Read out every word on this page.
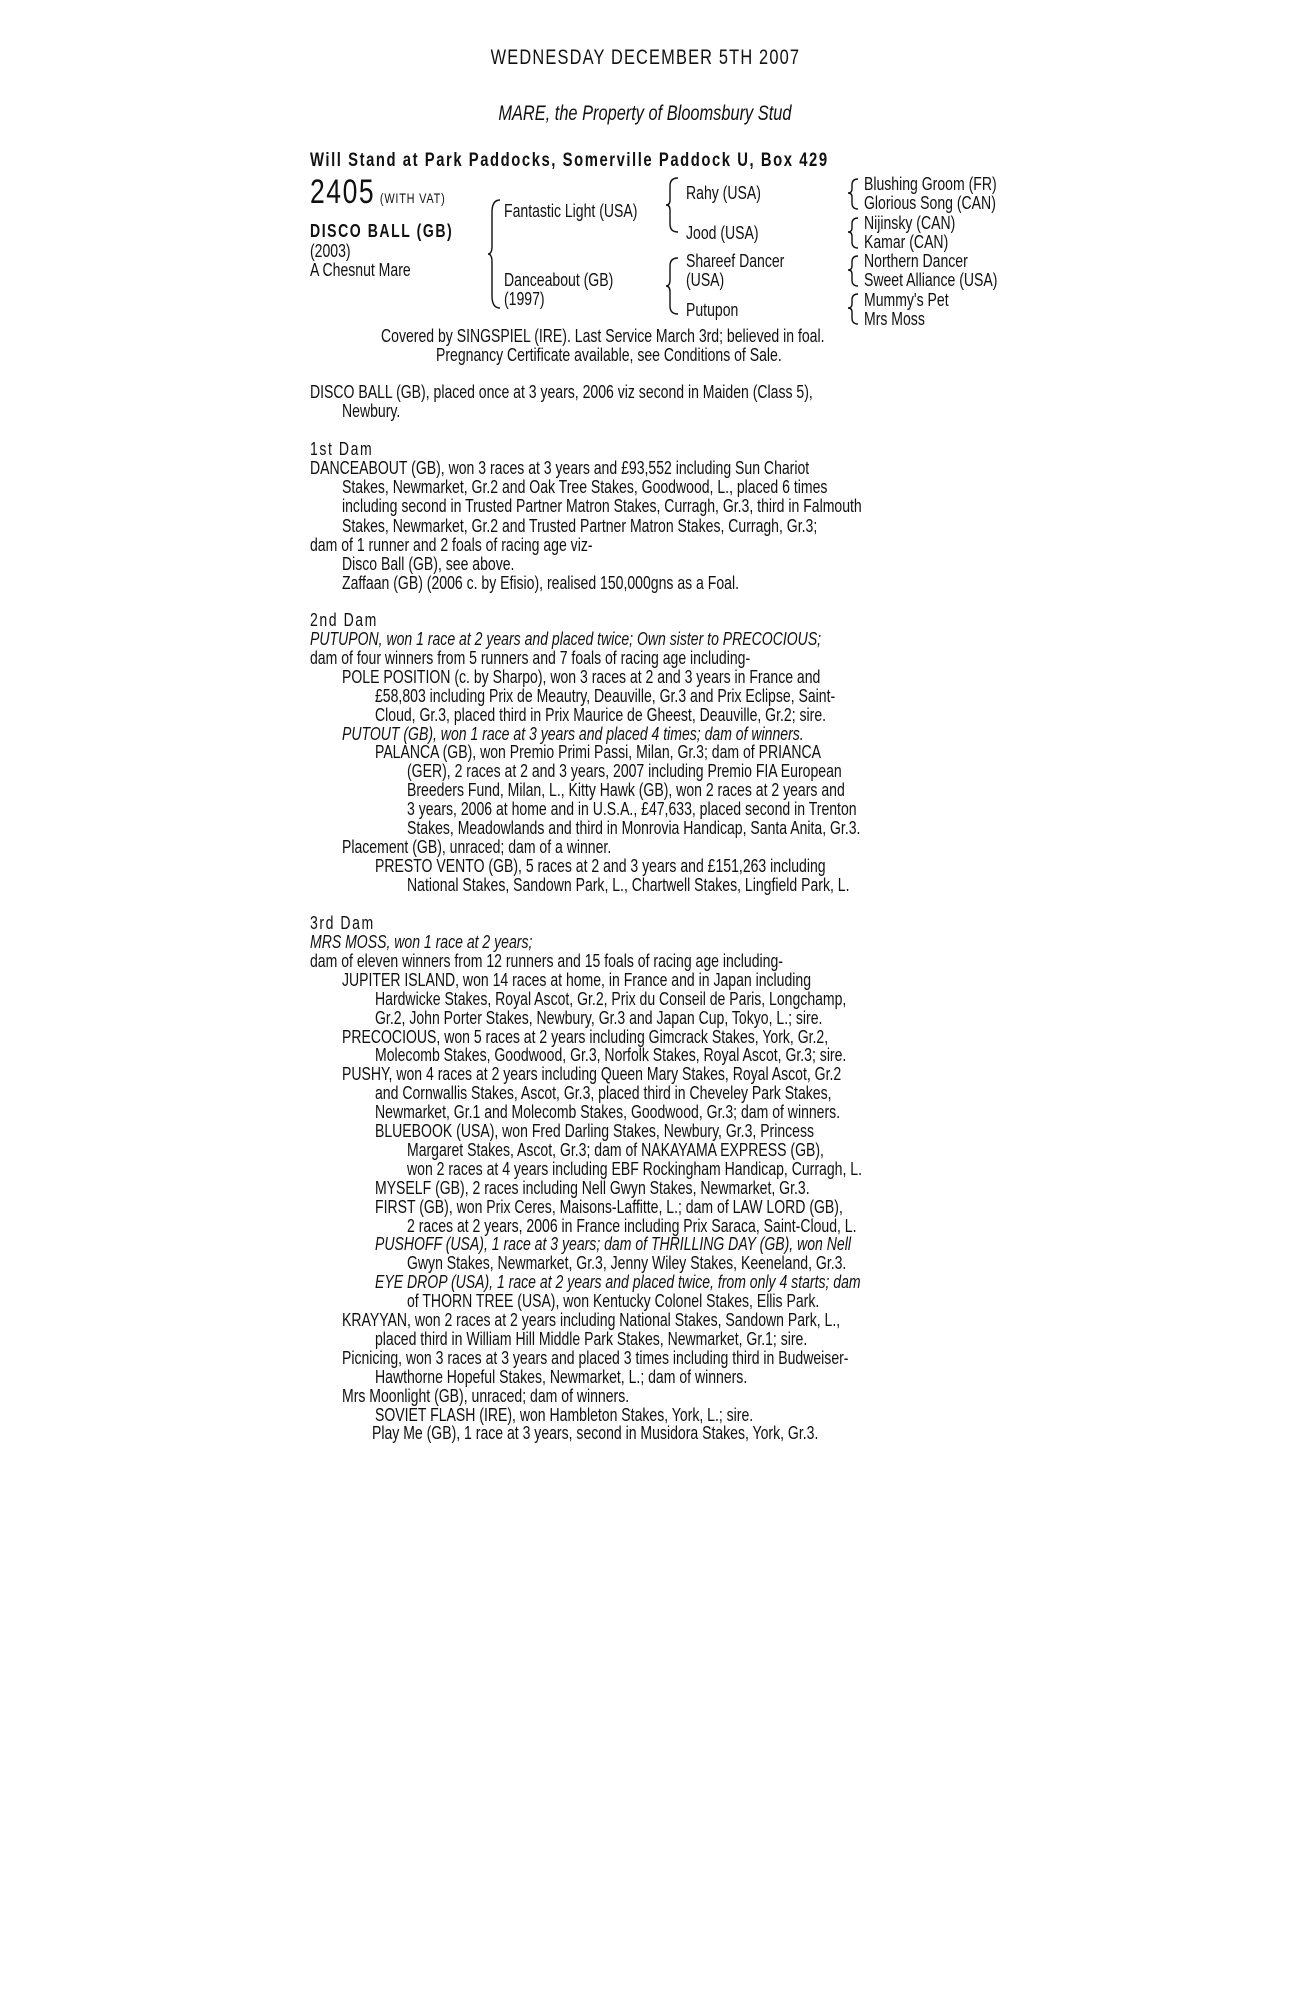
WEDNESDAY DECEMBER 5TH 2007
MARE, the Property of Bloomsbury Stud
Will Stand at Park Paddocks, Somerville Paddock U, Box 429
2405 (WITH VAT)
DISCO BALL (GB)
(2003)
A Chesnut Mare
Fantastic Light (USA)
Danceabout (GB)
(1997)
Rahy (USA)
Jood (USA)
Shareef Dancer
(USA)
Putupon
Blushing Groom (FR)
Glorious Song (CAN)
Nijinsky (CAN)
Kamar (CAN)
Northern Dancer
Sweet Alliance (USA)
Mummy's Pet
Mrs Moss
Covered by SINGSPIEL (IRE). Last Service March 3rd; believed in foal.
Pregnancy Certificate available, see Conditions of Sale.
DISCO BALL (GB), placed once at 3 years, 2006 viz second in Maiden (Class 5),
Newbury.
1st Dam
DANCEABOUT (GB), won 3 races at 3 years and £93,552 including Sun Chariot
Stakes, Newmarket, Gr.2 and Oak Tree Stakes, Goodwood, L., placed 6 times
including second in Trusted Partner Matron Stakes, Curragh, Gr.3, third in Falmouth
Stakes, Newmarket, Gr.2 and Trusted Partner Matron Stakes, Curragh, Gr.3;
dam of 1 runner and 2 foals of racing age viz-
Disco Ball (GB), see above.
Zaffaan (GB) (2006 c. by Efisio), realised 150,000gns as a Foal.
2nd Dam
PUTUPON, won 1 race at 2 years and placed twice; Own sister to PRECOCIOUS;
dam of four winners from 5 runners and 7 foals of racing age including-
POLE POSITION (c. by Sharpo), won 3 races at 2 and 3 years in France and
£58,803 including Prix de Meautry, Deauville, Gr.3 and Prix Eclipse, Saint-
Cloud, Gr.3, placed third in Prix Maurice de Gheest, Deauville, Gr.2; sire.
PUTOUT (GB), won 1 race at 3 years and placed 4 times; dam of winners.
PALANCA (GB), won Premio Primi Passi, Milan, Gr.3; dam of PRIANCA
(GER), 2 races at 2 and 3 years, 2007 including Premio FIA European
Breeders Fund, Milan, L., Kitty Hawk (GB), won 2 races at 2 years and
3 years, 2006 at home and in U.S.A., £47,633, placed second in Trenton
Stakes, Meadowlands and third in Monrovia Handicap, Santa Anita, Gr.3.
Placement (GB), unraced; dam of a winner.
PRESTO VENTO (GB), 5 races at 2 and 3 years and £151,263 including
National Stakes, Sandown Park, L., Chartwell Stakes, Lingfield Park, L.
3rd Dam
MRS MOSS, won 1 race at 2 years;
dam of eleven winners from 12 runners and 15 foals of racing age including-
JUPITER ISLAND, won 14 races at home, in France and in Japan including
Hardwicke Stakes, Royal Ascot, Gr.2, Prix du Conseil de Paris, Longchamp,
Gr.2, John Porter Stakes, Newbury, Gr.3 and Japan Cup, Tokyo, L.; sire.
PRECOCIOUS, won 5 races at 2 years including Gimcrack Stakes, York, Gr.2,
Molecomb Stakes, Goodwood, Gr.3, Norfolk Stakes, Royal Ascot, Gr.3; sire.
PUSHY, won 4 races at 2 years including Queen Mary Stakes, Royal Ascot, Gr.2
and Cornwallis Stakes, Ascot, Gr.3, placed third in Cheveley Park Stakes,
Newmarket, Gr.1 and Molecomb Stakes, Goodwood, Gr.3; dam of winners.
BLUEBOOK (USA), won Fred Darling Stakes, Newbury, Gr.3, Princess
Margaret Stakes, Ascot, Gr.3; dam of NAKAYAMA EXPRESS (GB),
won 2 races at 4 years including EBF Rockingham Handicap, Curragh, L.
MYSELF (GB), 2 races including Nell Gwyn Stakes, Newmarket, Gr.3.
FIRST (GB), won Prix Ceres, Maisons-Laffitte, L.; dam of LAW LORD (GB),
2 races at 2 years, 2006 in France including Prix Saraca, Saint-Cloud, L.
PUSHOFF (USA), 1 race at 3 years; dam of THRILLING DAY (GB), won Nell
Gwyn Stakes, Newmarket, Gr.3, Jenny Wiley Stakes, Keeneland, Gr.3.
EYE DROP (USA), 1 race at 2 years and placed twice, from only 4 starts; dam
of THORN TREE (USA), won Kentucky Colonel Stakes, Ellis Park.
KRAYYAN, won 2 races at 2 years including National Stakes, Sandown Park, L.,
placed third in William Hill Middle Park Stakes, Newmarket, Gr.1; sire.
Picnicing, won 3 races at 3 years and placed 3 times including third in Budweiser-
Hawthorne Hopeful Stakes, Newmarket, L.; dam of winners.
Mrs Moonlight (GB), unraced; dam of winners.
SOVIET FLASH (IRE), won Hambleton Stakes, York, L.; sire.
Play Me (GB), 1 race at 3 years, second in Musidora Stakes, York, Gr.3.
